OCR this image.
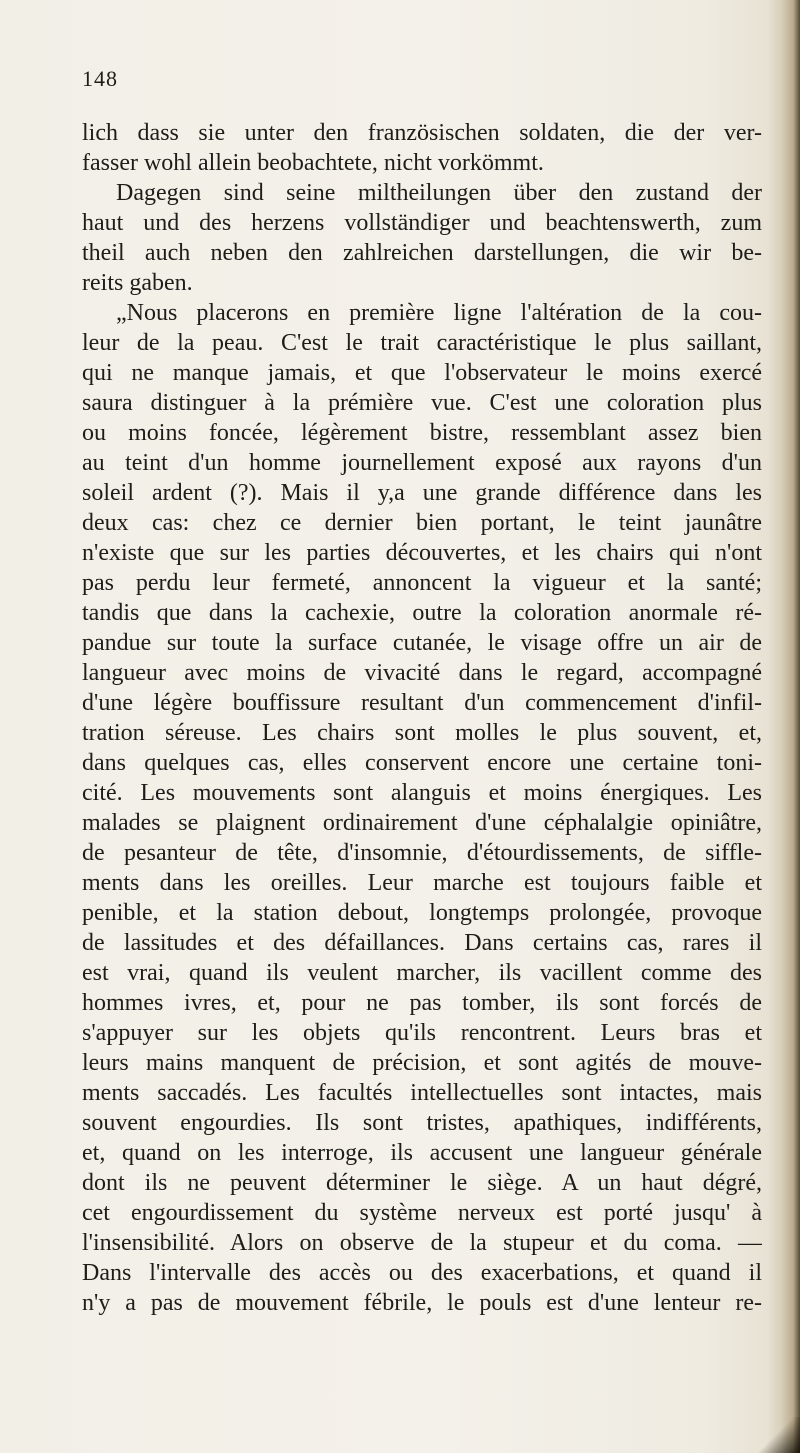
148
lich dass sie unter den französischen soldaten, die der ver-
fasser wohl allein beobachtete, nicht vorkömmt.
Dagegen sind seine miltheilungen über den zustand der
haut und des herzens vollständiger und beachtenswerth, zum
theil auch neben den zahlreichen darstellungen, die wir be-
reits gaben.
„Nous placerons en première ligne l'altération de la cou-
leur de la peau. C'est le trait caractéristique le plus saillant,
qui ne manque jamais, et que l'observateur le moins exercé
saura distinguer à la prémière vue. C'est une coloration plus
ou moins foncée, légèrement bistre, ressemblant assez bien
au teint d'un homme journellement exposé aux rayons d'un
soleil ardent (?). Mais il y,a une grande différence dans les
deux cas: chez ce dernier bien portant, le teint jaunâtre
n'existe que sur les parties découvertes, et les chairs qui n'ont
pas perdu leur fermeté, annoncent la vigueur et la santé;
tandis que dans la cachexie, outre la coloration anormale ré-
pandue sur toute la surface cutanée, le visage offre un air de
langueur avec moins de vivacité dans le regard, accompagné
d'une légère bouffissure resultant d'un commencement d'infil-
tration séreuse. Les chairs sont molles le plus souvent, et,
dans quelques cas, elles conservent encore une certaine toni-
cité. Les mouvements sont alanguis et moins énergiques. Les
malades se plaignent ordinairement d'une céphalalgie opiniâtre,
de pesanteur de tête, d'insomnie, d'étourdissements, de siffle-
ments dans les oreilles. Leur marche est toujours faible et
penible, et la station debout, longtemps prolongée, provoque
de lassitudes et des défaillances. Dans certains cas, rares il
est vrai, quand ils veulent marcher, ils vacillent comme des
hommes ivres, et, pour ne pas tomber, ils sont forcés de
s'appuyer sur les objets qu'ils rencontrent. Leurs bras et
leurs mains manquent de précision, et sont agités de mouve-
ments saccadés. Les facultés intellectuelles sont intactes, mais
souvent engourdies. Ils sont tristes, apathiques, indifférents,
et, quand on les interroge, ils accusent une langueur générale
dont ils ne peuvent déterminer le siège. A un haut dégré,
cet engourdissement du système nerveux est porté jusqu' à
l'insensibilité. Alors on observe de la stupeur et du coma. —
Dans l'intervalle des accès ou des exacerbations, et quand il
n'y a pas de mouvement fébrile, le pouls est d'une lenteur re-
